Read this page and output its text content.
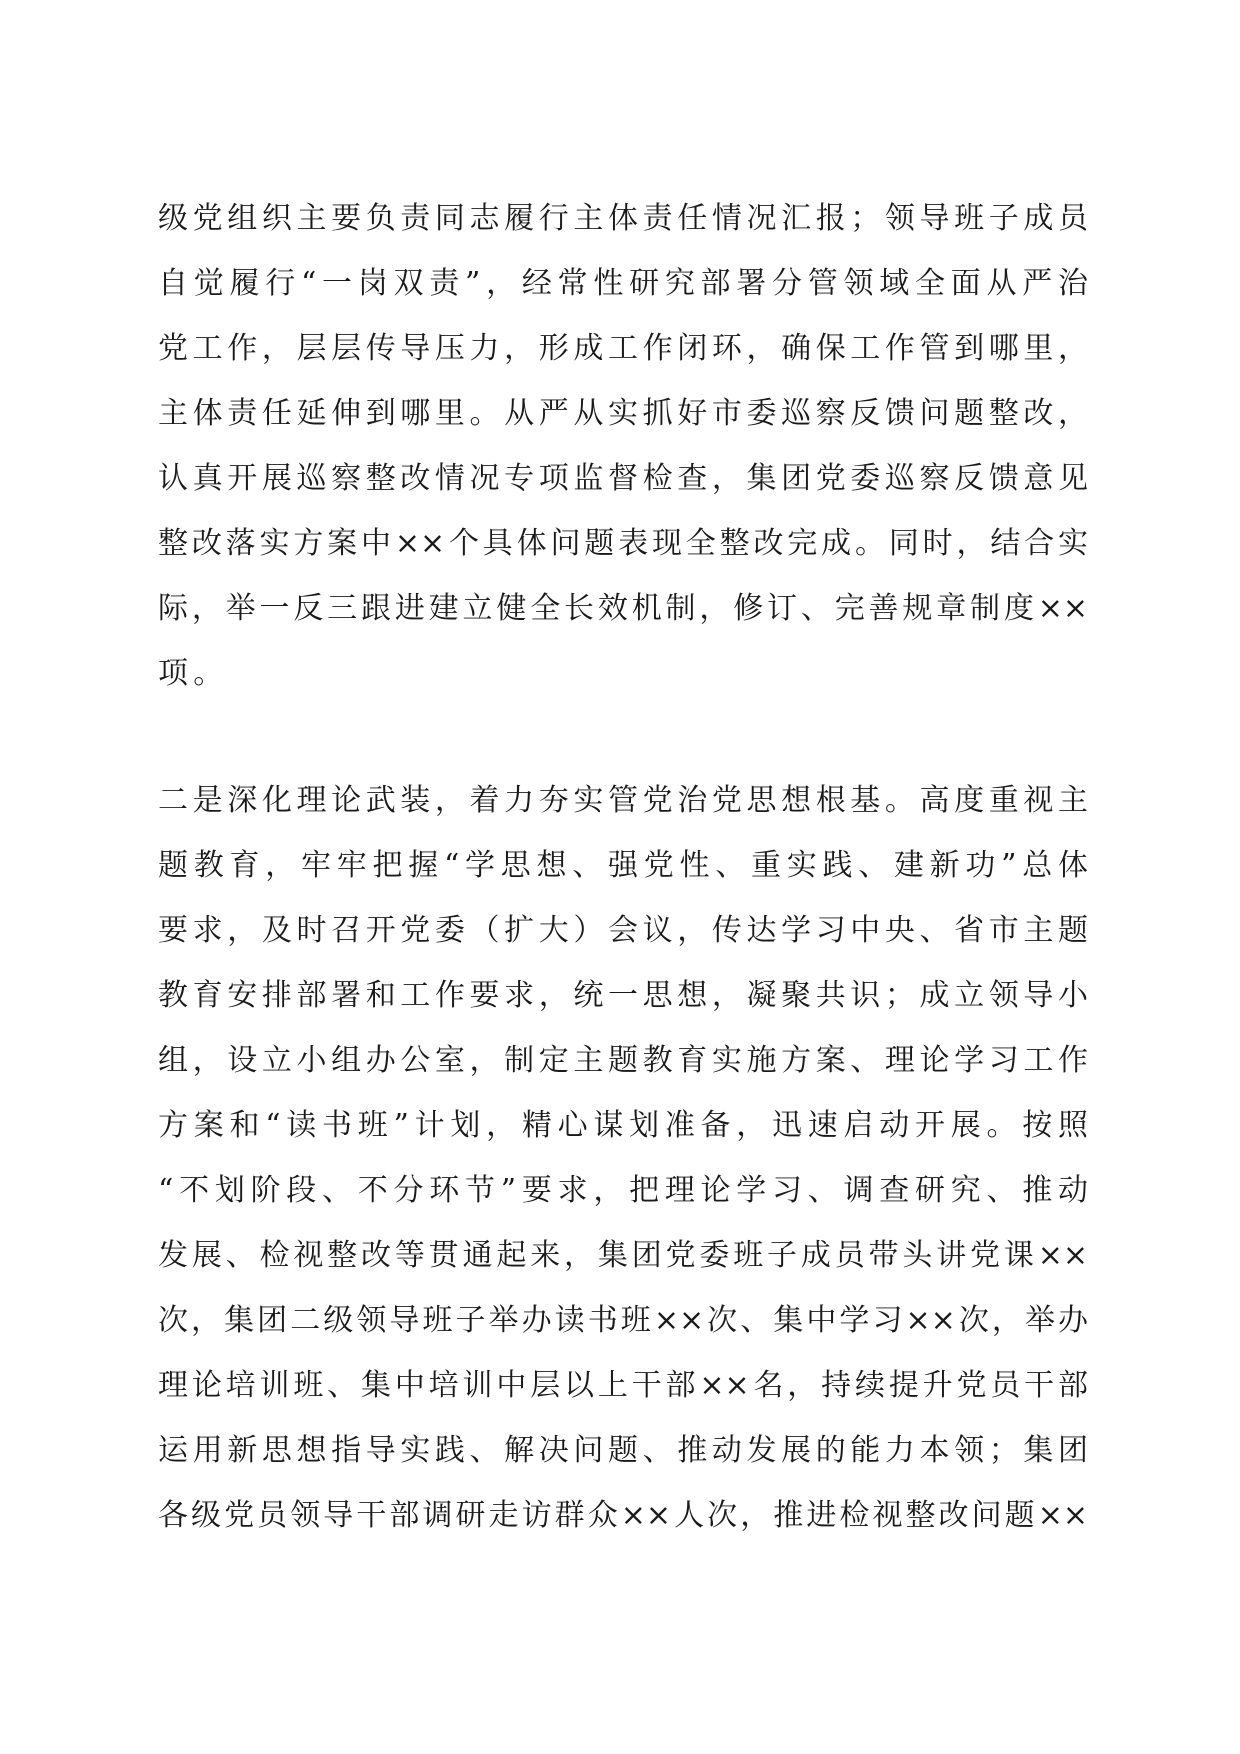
级党组织主要负责同志履行主体责任情况汇报；领导班子成员
自觉履行“一岗双责”，经常性研究部署分管领域全面从严治
党工作，层层传导压力，形成工作闭环，确保工作管到哪里，
主体责任延伸到哪里。从严从实抓好市委巡察反馈问题整改，
认真开展巡察整改情况专项监督检查，集团党委巡察反馈意见
整改落实方案中××个具体问题表现全整改完成。同时，结合实
际，举一反三跟进建立健全长效机制，修订、完善规章制度××
项。
二是深化理论武装，着力夯实管党治党思想根基。高度重视主
题教育，牢牢把握“学思想、强党性、重实践、建新功”总体
要求，及时召开党委（扩大）会议，传达学习中央、省市主题
教育安排部署和工作要求，统一思想，凝聚共识；成立领导小
组，设立小组办公室，制定主题教育实施方案、理论学习工作
方案和“读书班”计划，精心谋划准备，迅速启动开展。按照
“不划阶段、不分环节”要求，把理论学习、调查研究、推动
发展、检视整改等贯通起来，集团党委班子成员带头讲党课××
次，集团二级领导班子举办读书班××次、集中学习××次，举办
理论培训班、集中培训中层以上干部××名，持续提升党员干部
运用新思想指导实践、解决问题、推动发展的能力本领；集团
各级党员领导干部调研走访群众××人次，推进检视整改问题××
